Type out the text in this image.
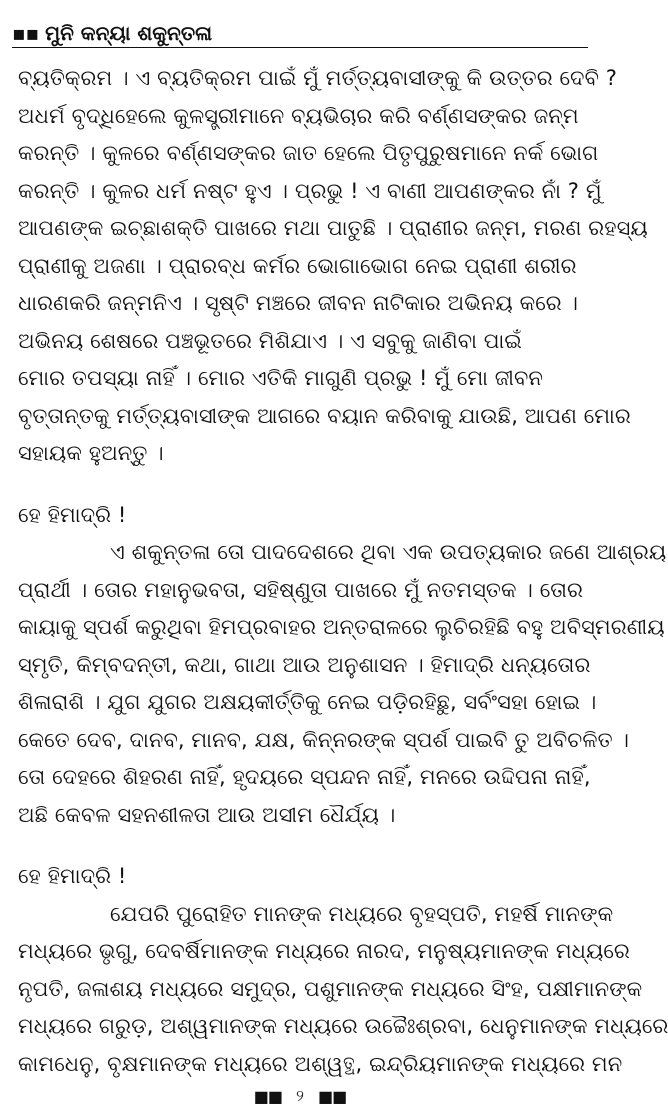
▪▪ ମୁନି କନ୍ୟା ଶକୁନ୍ତଳା
ବ୍ୟତିକ୍ରମ । ଏ ବ୍ୟତିକ୍ରମ ପାଇଁ ମୁଁ ମର୍ତ୍ତ୍ୟବାସୀଙ୍କୁ କି ଉତ୍ତର ଦେବି ?
ଅଧର୍ମ ବୃଦ୍ଧିହେଲେ କୁଳସ୍ତ୍ରୀମାନେ ବ୍ୟଭିଚାର କରି ବର୍ଣ୍ଣସଙ୍କର ଜନ୍ମ
କରନ୍ତି । କୁଳରେ ବର୍ଣ୍ଣସଙ୍କର ଜାତ ହେଲେ ପିତୃପୁରୁଷମାନେ ନର୍କ ଭୋଗ
କରନ୍ତି । କୁଳର ଧର୍ମ ନଷ୍ଟ ହୁଏ । ପ୍ରଭୁ ! ଏ ବାଣୀ ଆପଣଙ୍କର ନାଁ ? ମୁଁ
ଆପଣଙ୍କ ଇଚ୍ଛାଶକ୍ତି ପାଖରେ ମଥା ପାତୁଛି । ପ୍ରାଣୀର ଜନ୍ମ, ମରଣ ରହସ୍ୟ
ପ୍ରାଣୀକୁ ଅଜଣା । ପ୍ରାରବ୍ଧ କର୍ମର ଭୋଗାଭୋଗ ନେଇ ପ୍ରାଣୀ ଶରୀର
ଧାରଣକରି ଜନ୍ମନିଏ । ସୃଷ୍ଟି ମଞ୍ଚରେ ଜୀବନ ନାଟିକାର ଅଭିନୟ କରେ ।
ଅଭିନୟ ଶେଷରେ ପଞ୍ଚଭୂତରେ ମିଶିଯାଏ । ଏ ସବୁକୁ ଜାଣିବା ପାଇଁ
ମୋର ତପସ୍ୟା ନାହିଁ । ମୋର ଏତିକି ମାଗୁଣି ପ୍ରଭୁ ! ମୁଁ ମୋ ଜୀବନ
ବୃତ୍ତାନ୍ତକୁ ମର୍ତ୍ତ୍ୟବାସୀଙ୍କ ଆଗରେ ବୟାନ କରିବାକୁ ଯାଉଛି, ଆପଣ ମୋର
ସହାୟକ ହୁଅନ୍ତୁ ।
ହେ ହିମାଦ୍ରି !
ଏ ଶକୁନ୍ତଳା ତୋ ପାଦଦେଶରେ ଥିବା ଏକ ଉପତ୍ୟକାର ଜଣେ ଆଶ୍ରୟ
ପ୍ରାର୍ଥୀ । ତୋର ମହାନୁଭବତା, ସହିଷ୍ଣୁତା ପାଖରେ ମୁଁ ନତମସ୍ତକ । ତୋର
କାୟାକୁ ସ୍ପର୍ଶ କରୁଥିବା ହିମପ୍ରବାହର ଅନ୍ତରାଳରେ ଲୁଚିରହିଛି ବହୁ ଅବିସ୍ମରଣୀୟ
ସ୍ମୃତି, କିମ୍ବଦନ୍ତୀ, କଥା, ଗାଥା ଆଉ ଅନୁଶାସନ । ହିମାଦ୍ରି ଧନ୍ୟତୋର
ଶିଳାରାଶି । ଯୁଗ ଯୁଗର ଅକ୍ଷୟକୀର୍ତ୍ତିକୁ ନେଇ ପଡ଼ିରହିଛୁ, ସର୍ବଂସହା ହୋଇ ।
କେତେ ଦେବ, ଦାନବ, ମାନବ, ଯକ୍ଷ, କିନ୍ନରଙ୍କ ସ୍ପର୍ଶ ପାଇବି ତୁ ଅବିଚଳିତ ।
ତୋ ଦେହରେ ଶିହରଣ ନାହିଁ, ହୃଦୟରେ ସ୍ପନ୍ଦନ ନାହିଁ, ମନରେ ଉଦ୍ଦିପନା ନାହିଁ,
ଅଛି କେବଳ ସହନଶୀଳତା ଆଉ ଅସୀମ ଧୈର୍ଯ୍ୟ ।
ହେ ହିମାଦ୍ରି !
ଯେପରି ପୁରୋହିତ ମାନଙ୍କ ମଧ୍ୟରେ ବୃହସ୍ପତି, ମହର୍ଷି ମାନଙ୍କ
ମଧ୍ୟରେ ଭୃଗୁ, ଦେବର୍ଷିମାନଙ୍କ ମଧ୍ୟରେ ନାରଦ, ମନୁଷ୍ୟମାନଙ୍କ ମଧ୍ୟରେ
ନୃପତି, ଜଳାଶୟ ମଧ୍ୟରେ ସମୁଦ୍ର, ପଶୁମାନଙ୍କ ମଧ୍ୟରେ ସିଂହ, ପକ୍ଷୀମାନଙ୍କ
ମଧ୍ୟରେ ଗରୁଡ଼, ଅଶ୍ୱମାନଙ୍କ ମଧ୍ୟରେ ଉଚ୍ଚୈଃଶ୍ରବା, ଧେନୁମାନଙ୍କ ମଧ୍ୟରେ
କାମଧେନୁ, ବୃକ୍ଷମାନଙ୍କ ମଧ୍ୟରେ ଅଶ୍ୱତ୍ଥ, ଇନ୍ଦ୍ରିୟମାନଙ୍କ ମଧ୍ୟରେ ମନ
■■ ୨ ■■
